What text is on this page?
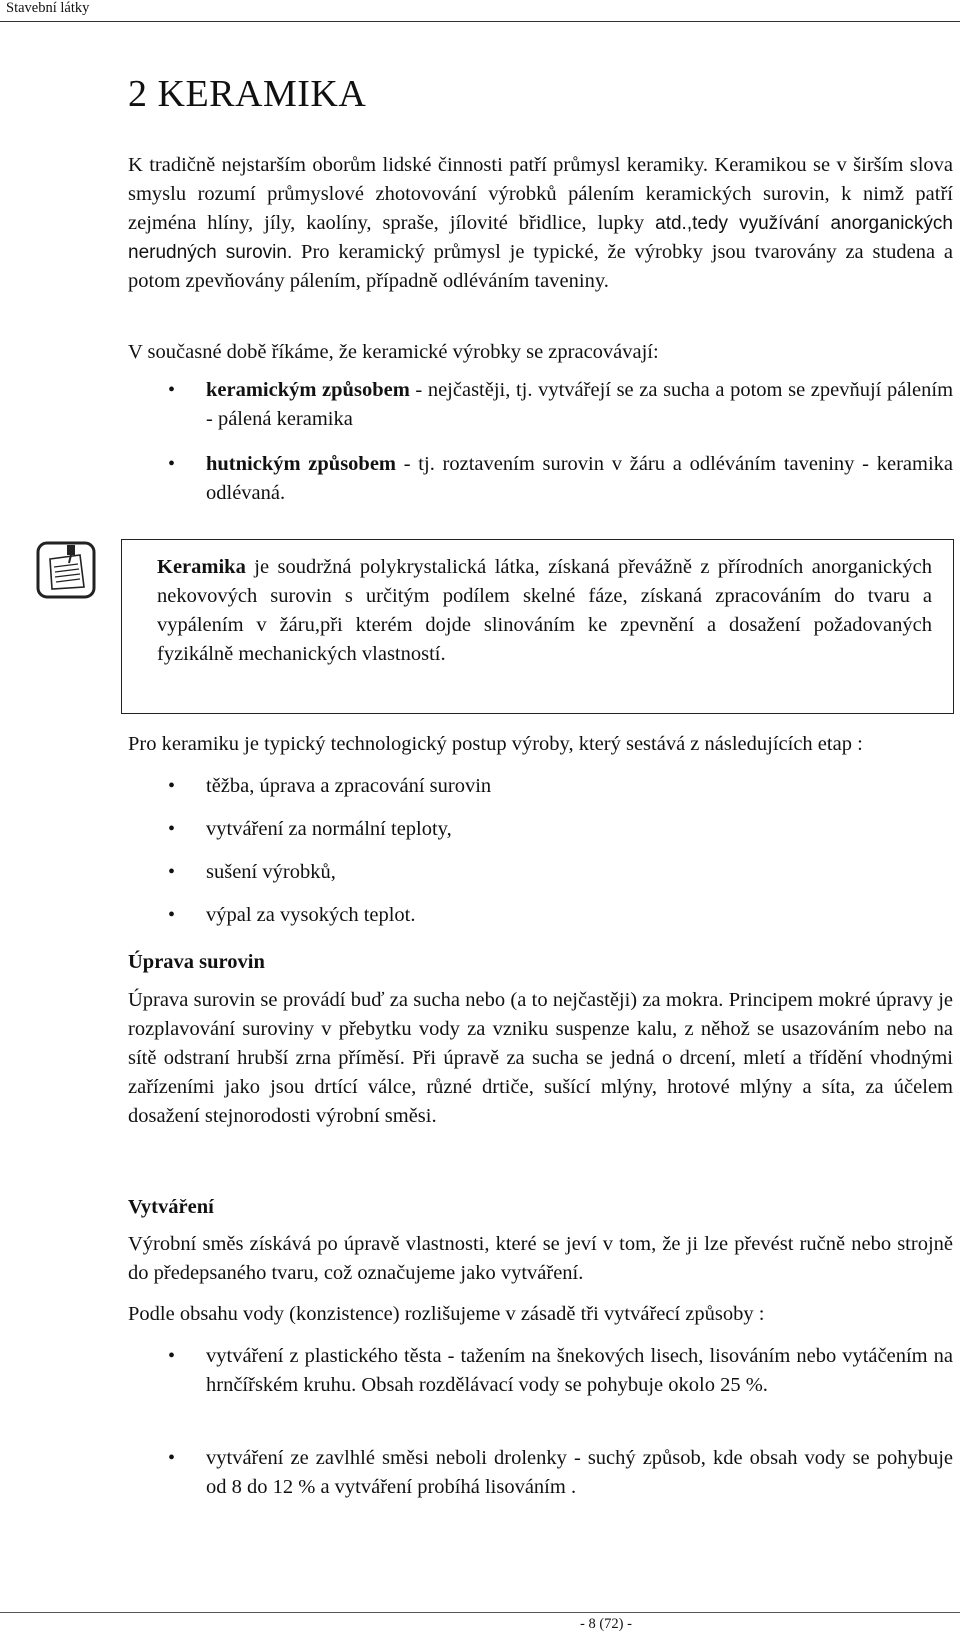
Stavební látky
2 KERAMIKA

K tradičně nejstarším oborům lidské činnosti patří průmysl keramiky. Keramikou se v širším slova smyslu rozumí průmyslové zhotovování výrobků pálením keramických surovin, k nimž patří zejména hlíny, jíly, kaolíny, spraše, jílovité břidlice, lupky atd.,tedy využívání anorganických nerudných surovin. Pro keramický průmysl je typické, že výrobky jsou tvarovány za studena a potom zpevňovány pálením, případně odléváním taveniny.

V současné době říkáme, že keramické výrobky se zpracovávají:

• keramickým způsobem - nejčastěji, tj. vytvářejí se za sucha a potom se zpevňují pálením - pálená keramika
• hutnickým způsobem - tj. roztavením surovin v žáru a odléváním taveniny - keramika odlévaná.

Keramika je soudržná polykrystalická látka, získaná převážně z přírodních anorganických nekovových surovin s určitým podílem skelné fáze, získaná zpracováním do tvaru a vypálením v žáru,při kterém dojde slinováním ke zpevnění a dosažení požadovaných fyzikálně mechanických vlastností.

Pro keramiku je typický technologický postup výroby, který sestává z následujících etap :

• těžba, úprava a zpracování surovin
• vytváření za normální teploty,
• sušení výrobků,
• výpal za vysokých teplot.
Úprava surovin

Úprava surovin se provádí buď za sucha nebo (a to nejčastěji) za mokra. Principem mokré úpravy je rozplavování suroviny v přebytku vody za vzniku suspenze kalu, z něhož se usazováním nebo na sítě odstraní hrubší zrna příměsí. Při úpravě za sucha se jedná o drcení, mletí a třídění vhodnými zařízeními jako jsou drtící válce, různé drtiče, sušící mlýny, hrotové mlýny a síta, za účelem dosažení stejnorodosti výrobní směsi.

Vytváření

Výrobní směs získává po úpravě vlastnosti, které se jeví v tom, že ji lze převést ručně nebo strojně do předepsaného tvaru, což označujeme jako vytváření.

Podle obsahu vody (konzistence) rozlišujeme v zásadě tři vytvářecí způsoby :

• vytváření z plastického těsta - tažením na šnekových lisech, lisováním nebo vytáčením na hrnčířském kruhu. Obsah rozdělávací vody se pohybuje okolo 25 %.
• vytváření ze zavlhlé směsi neboli drolenky - suchý způsob, kde obsah vody se pohybuje od 8 do 12 % a vytváření probíhá lisováním .
- 8 (72) -
